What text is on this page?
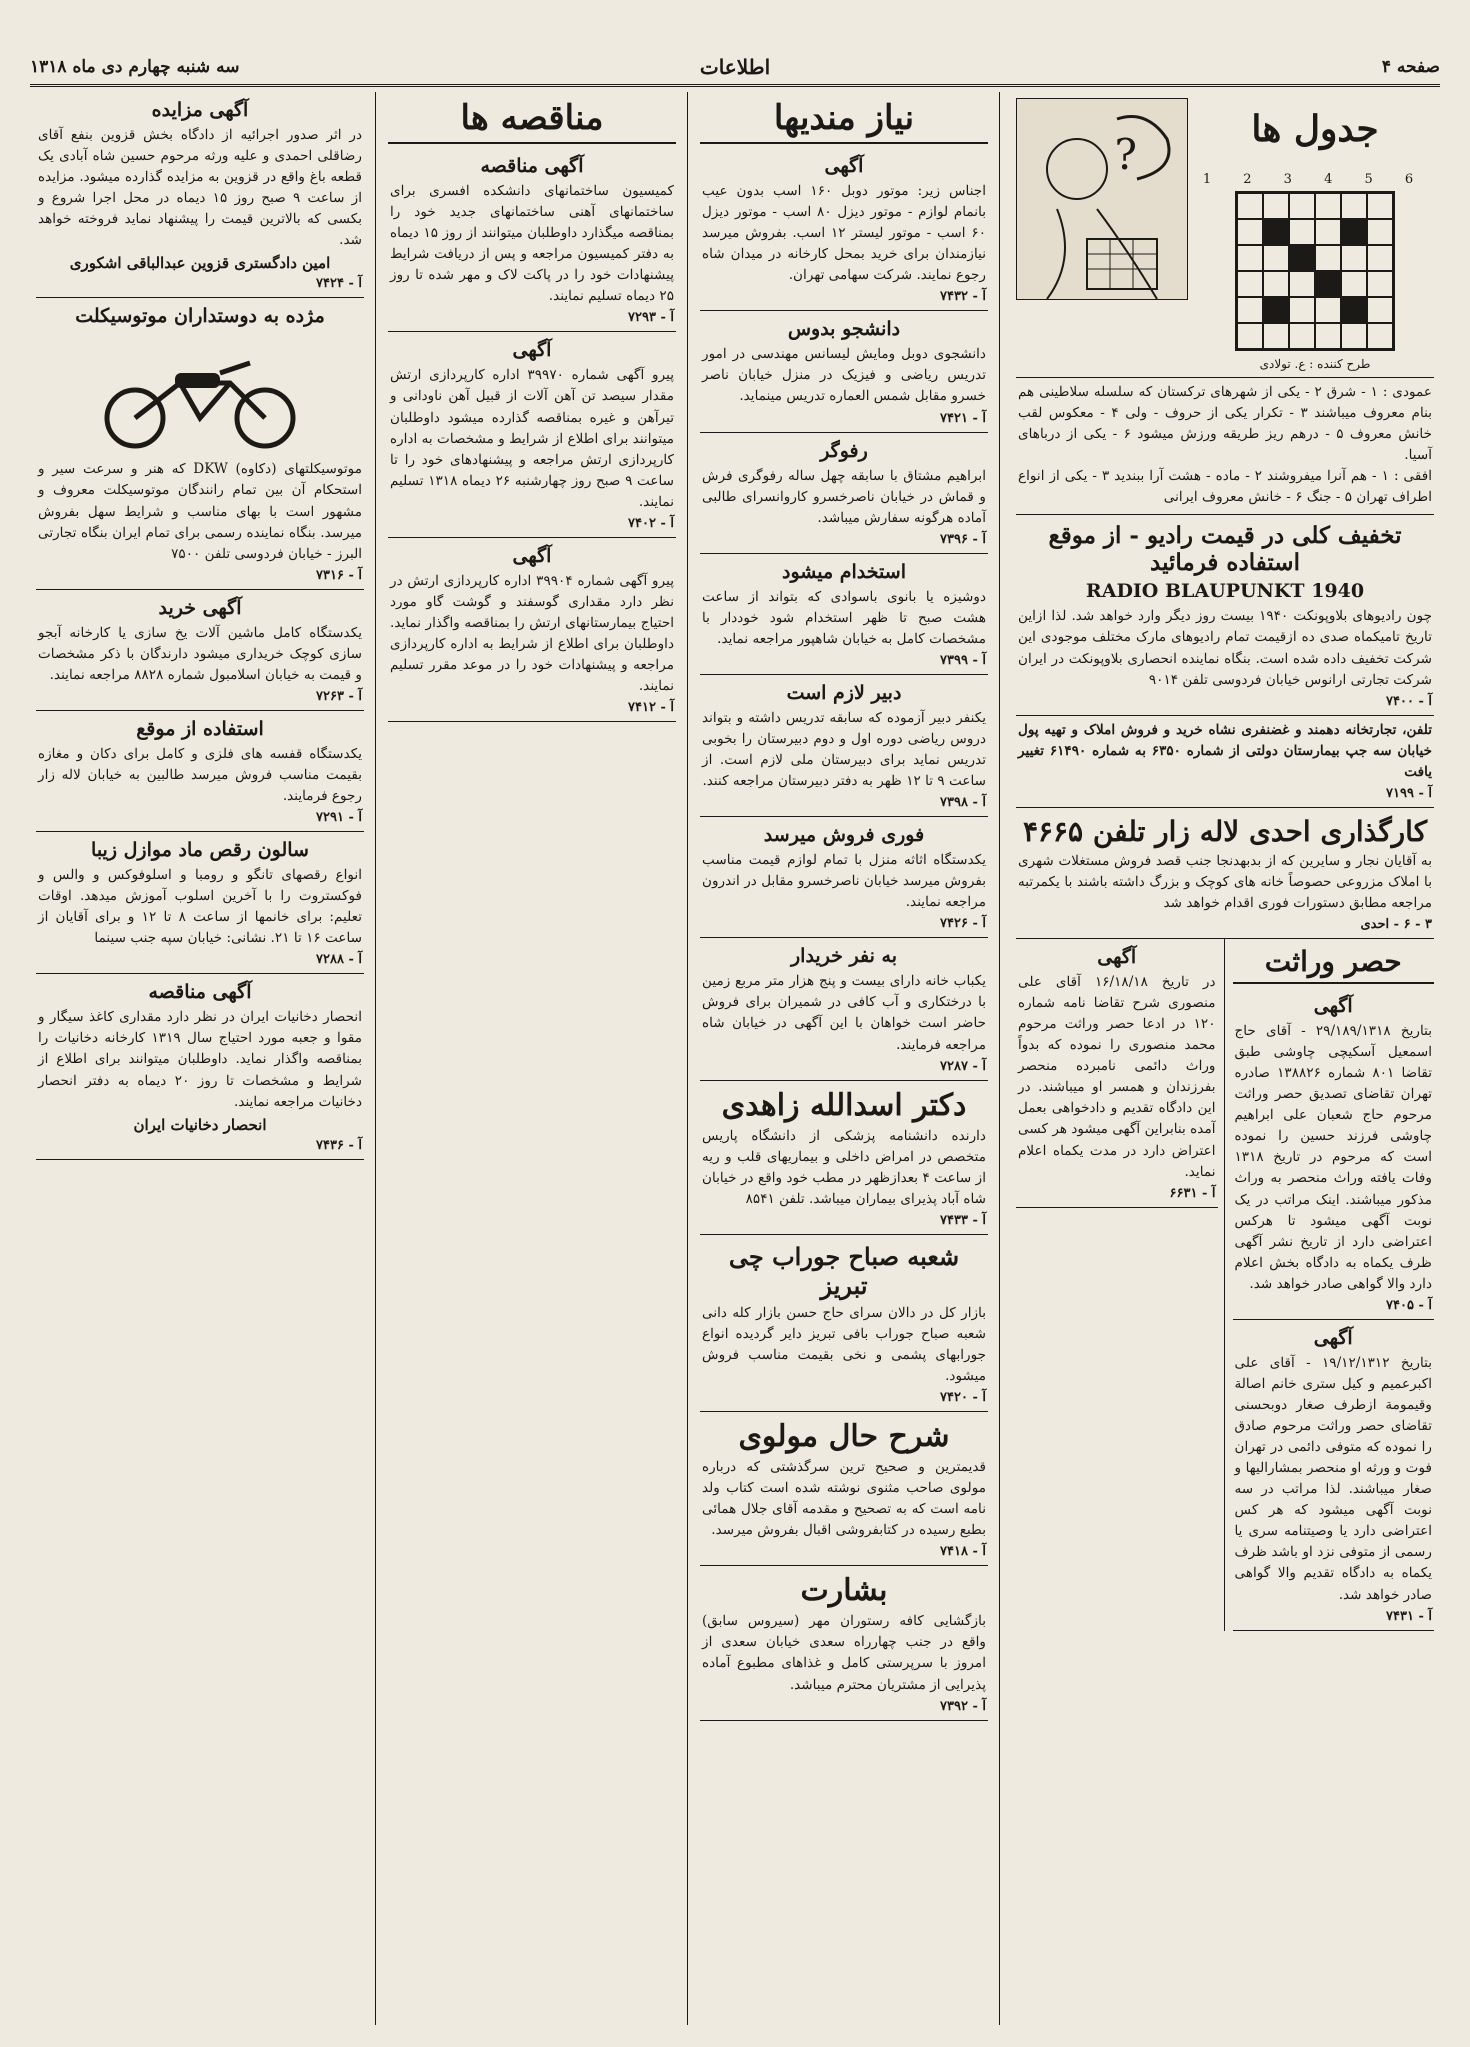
صفحه ۴
اطلاعات
سه شنبه چهارم دی ماه ۱۳۱۸
جدول ها
1 2 3 4 5 6
طرح کننده : ع. تولادی
?
عمودی : ۱ - شرق ۲ - یکی از شهرهای ترکستان که سلسله سلاطینی هم بنام معروف میباشند ۳ - تکرار یکی از حروف - ولی ۴ - معکوس لقب خانش معروف ۵ - درهم ریز طریقه ورزش میشود ۶ - یکی از درباهای آسیا.
افقی : ۱ - هم آنرا میفروشند ۲ - ماده - هشت آرا ببندید ۳ - یکی از انواع اطراف تهران ۵ - جنگ ۶ - خانش معروف ایرانی
تخفیف کلی در قیمت رادیو - از موقع استفاده فرمائید
RADIO BLAUPUNKT 1940
چون رادیوهای بلاوپونکت ۱۹۴۰ بیست روز دیگر وارد خواهد شد. لذا ازاین تاریخ تامیکماه صدی ده ازقیمت تمام رادیوهای مارک مختلف موجودی این شرکت تخفیف داده شده است. بنگاه نماینده انحصاری بلاوپونکت در ایران شرکت تجارتی ارانوس خیابان فردوسی تلفن ۹۰۱۴
آ - ۷۴۰۰
تلفن، تجارتخانه دهمند و غضنفری نشاه خرید و فروش املاک و تهیه پول خیابان سه جپ بیمارستان دولتی از شماره ۶۳۵۰ به شماره ۶۱۴۹۰ تغییر یافت
آ - ۷۱۹۹
کارگذاری احدی لاله زار تلفن ۴۶۶۵
به آقایان نجار و سایرین که از بدبهدنجا جنب قصد فروش مستغلات شهری با املاک مزروعی حصوصاً خانه های کوچک و بزرگ داشته باشند با یکمرتبه مراجعه مطابق دستورات فوری اقدام خواهد شد
۳ - ۶ - احدی
حصر وراثت
آگهی
بتاریخ ۲۹/۱۸۹/۱۳۱۸ - آقای حاج اسمعیل آسکیچی چاوشی طبق تقاضا ۸۰۱ شماره ۱۳۸۸۲۶ صادره تهران تقاضای تصدیق حصر وراثت مرحوم حاج شعبان علی ابراهیم چاوشی فرزند حسین را نموده است که مرحوم در تاریخ ۱۳۱۸ وفات یافته وراث منحصر به وراث مذکور میباشند. اینک مراتب در یک نوبت آگهی میشود تا هرکس اعتراضی دارد از تاریخ نشر آگهی ظرف یکماه به دادگاه بخش اعلام دارد والا گواهی صادر خواهد شد.
آ - ۷۴۰۵
آگهی
بتاریخ ۱۹/۱۲/۱۳۱۲ - آقای علی اکبرعمیم و کیل ستری خانم اصالة وقیمومة ازطرف صغار دوبحسنی تقاضای حصر وراثت مرحوم صادق را نموده که متوفی دائمی در تهران فوت و ورثه او منحصر بمشارالیها و صغار میباشند. لذا مراتب در سه نوبت آگهی میشود که هر کس اعتراضی دارد یا وصیتنامه سری یا رسمی از متوفی نزد او باشد ظرف یکماه به دادگاه تقدیم والا گواهی صادر خواهد شد.
آ - ۷۴۳۱
آگهی
در تاریخ ۱۶/۱۸/۱۸ آقای علی منصوری شرح تقاضا نامه شماره ۱۲۰ در ادعا حصر وراثت مرحوم محمد منصوری را نموده که بدواً وراث دائمی نامبرده منحصر بفرزندان و همسر او میباشند. در این دادگاه تقدیم و دادخواهی بعمل آمده بنابراین آگهی میشود هر کسی اعتراض دارد در مدت یکماه اعلام نماید.
آ - ۶۶۳۱
نیاز مندیها
آگهی
اجناس زیر: موتور دوبل ۱۶۰ اسب بدون عیب بانمام لوازم - موتور دیزل ۸۰ اسب - موتور دیزل ۶۰ اسب - موتور لیستر ۱۲ اسب. بفروش میرسد نیازمندان برای خرید بمحل کارخانه در میدان شاه رجوع نمایند. شرکت سهامی تهران.
آ - ۷۴۳۲
دانشجو بدوس
دانشجوی دوبل ومایش لیسانس مهندسی در امور تدریس ریاضی و فیزیک در منزل خیابان ناصر خسرو مقابل شمس العماره تدریس مینماید.
آ - ۷۴۲۱
رفوگر
ابراهیم مشتاق با سابقه چهل ساله رفوگری فرش و قماش در خیابان ناصرخسرو کاروانسرای طالبی آماده هرگونه سفارش میباشد.
آ - ۷۳۹۶
استخدام میشود
دوشیزه یا بانوی باسوادی که بتواند از ساعت هشت صبح تا ظهر استخدام شود خوددار با مشخصات کامل به خیابان شاهپور مراجعه نماید.
آ - ۷۳۹۹
دبیر لازم است
یکنفر دبیر آزموده که سابقه تدریس داشته و بتواند دروس ریاضی دوره اول و دوم دبیرستان را بخوبی تدریس نماید برای دبیرستان ملی لازم است. از ساعت ۹ تا ۱۲ ظهر به دفتر دبیرستان مراجعه کنند.
آ - ۷۳۹۸
فوری فروش میرسد
یکدستگاه اثاثه منزل با تمام لوازم قیمت مناسب بفروش میرسد خیابان ناصرخسرو مقابل در اندرون مراجعه نمایند.
آ - ۷۴۲۶
به نفر خریدار
یکباب خانه دارای بیست و پنج هزار متر مربع زمین با درختکاری و آب کافی در شمیران برای فروش حاضر است خواهان با این آگهی در خیابان شاه مراجعه فرمایند.
آ - ۷۲۸۷
دکتر اسدالله زاهدی
دارنده دانشنامه پزشکی از دانشگاه پاریس متخصص در امراض داخلی و بیماریهای قلب و ریه از ساعت ۴ بعدازظهر در مطب خود واقع در خیابان شاه آباد پذیرای بیماران میباشد. تلفن ۸۵۴۱
آ - ۷۴۳۳
شعبه صباح جوراب چی تبریز
بازار کل در دالان سرای حاج حسن بازار کله دانی شعبه صباح جوراب بافی تبریز دایر گردیده انواع جورابهای پشمی و نخی بقیمت مناسب فروش میشود.
آ - ۷۴۲۰
شرح حال مولوی
قدیمترین و صحیح ترین سرگذشتی که درباره مولوی صاحب مثنوی نوشته شده است کتاب ولد نامه است که به تصحیح و مقدمه آقای جلال همائی بطبع رسیده در کتابفروشی اقبال بفروش میرسد.
آ - ۷۴۱۸
بشارت
بازگشایی کافه رستوران مهر (سیروس سابق) واقع در جنب چهارراه سعدی خیابان سعدی از امروز با سرپرستی کامل و غذاهای مطبوع آماده پذیرایی از مشتریان محترم میباشد.
آ - ۷۳۹۲
مناقصه ها
آگهی مناقصه
کمیسیون ساختمانهای دانشکده افسری برای ساختمانهای آهنی ساختمانهای جدید خود را بمناقصه میگذارد داوطلبان میتوانند از روز ۱۵ دیماه به دفتر کمیسیون مراجعه و پس از دریافت شرایط پیشنهادات خود را در پاکت لاک و مهر شده تا روز ۲۵ دیماه تسلیم نمایند.
آ - ۷۲۹۳
آگهی
پیرو آگهی شماره ۳۹۹۷۰ اداره کارپردازی ارتش مقدار سیصد تن آهن آلات از قبیل آهن ناودانی و تیرآهن و غیره بمناقصه گذارده میشود داوطلبان میتوانند برای اطلاع از شرایط و مشخصات به اداره کارپردازی ارتش مراجعه و پیشنهادهای خود را تا ساعت ۹ صبح روز چهارشنبه ۲۶ دیماه ۱۳۱۸ تسلیم نمایند.
آ - ۷۴۰۲
آگهی
پیرو آگهی شماره ۳۹۹۰۴ اداره کارپردازی ارتش در نظر دارد مقداری گوسفند و گوشت گاو مورد احتیاج بیمارستانهای ارتش را بمناقصه واگذار نماید. داوطلبان برای اطلاع از شرایط به اداره کارپردازی مراجعه و پیشنهادات خود را در موعد مقرر تسلیم نمایند.
آ - ۷۴۱۲
آگهی مزایده
در اثر صدور اجرائیه از دادگاه بخش قزوین بنفع آقای رضاقلی احمدی و علیه ورثه مرحوم حسین شاه آبادی یک قطعه باغ واقع در قزوین به مزایده گذارده میشود. مزایده از ساعت ۹ صبح روز ۱۵ دیماه در محل اجرا شروع و بکسی که بالاترین قیمت را پیشنهاد نماید فروخته خواهد شد.
امین دادگستری قزوین عبدالباقی اشکوری
آ - ۷۴۲۴
مژده به دوستداران موتوسیکلت
موتوسیکلتهای (دکاوه) DKW که هنر و سرعت سیر و استحکام آن بین تمام رانندگان موتوسیکلت معروف و مشهور است با بهای مناسب و شرایط سهل بفروش میرسد. بنگاه نماینده رسمی برای تمام ایران بنگاه تجارتی البرز - خیابان فردوسی تلفن ۷۵۰۰
آ - ۷۳۱۶
آگهی خرید
یکدستگاه کامل ماشین آلات یخ سازی یا کارخانه آبجو سازی کوچک خریداری میشود دارندگان با ذکر مشخصات و قیمت به خیابان اسلامبول شماره ۸۸۲۸ مراجعه نمایند.
آ - ۷۲۶۳
استفاده از موقع
یکدستگاه قفسه های فلزی و کامل برای دکان و مغازه بقیمت مناسب فروش میرسد طالبین به خیابان لاله زار رجوع فرمایند.
آ - ۷۲۹۱
سالون رقص ماد موازل زیبا
انواع رقصهای تانگو و رومبا و اسلوفوکس و والس و فوکستروت را با آخرین اسلوب آموزش میدهد. اوقات تعلیم: برای خانمها از ساعت ۸ تا ۱۲ و برای آقایان از ساعت ۱۶ تا ۲۱. نشانی: خیابان سپه جنب سینما
آ - ۷۲۸۸
آگهی مناقصه
انحصار دخانیات ایران در نظر دارد مقداری کاغذ سیگار و مقوا و جعبه مورد احتیاج سال ۱۳۱۹ کارخانه دخانیات را بمناقصه واگذار نماید. داوطلبان میتوانند برای اطلاع از شرایط و مشخصات تا روز ۲۰ دیماه به دفتر انحصار دخانیات مراجعه نمایند.
انحصار دخانیات ایران
آ - ۷۴۳۶
